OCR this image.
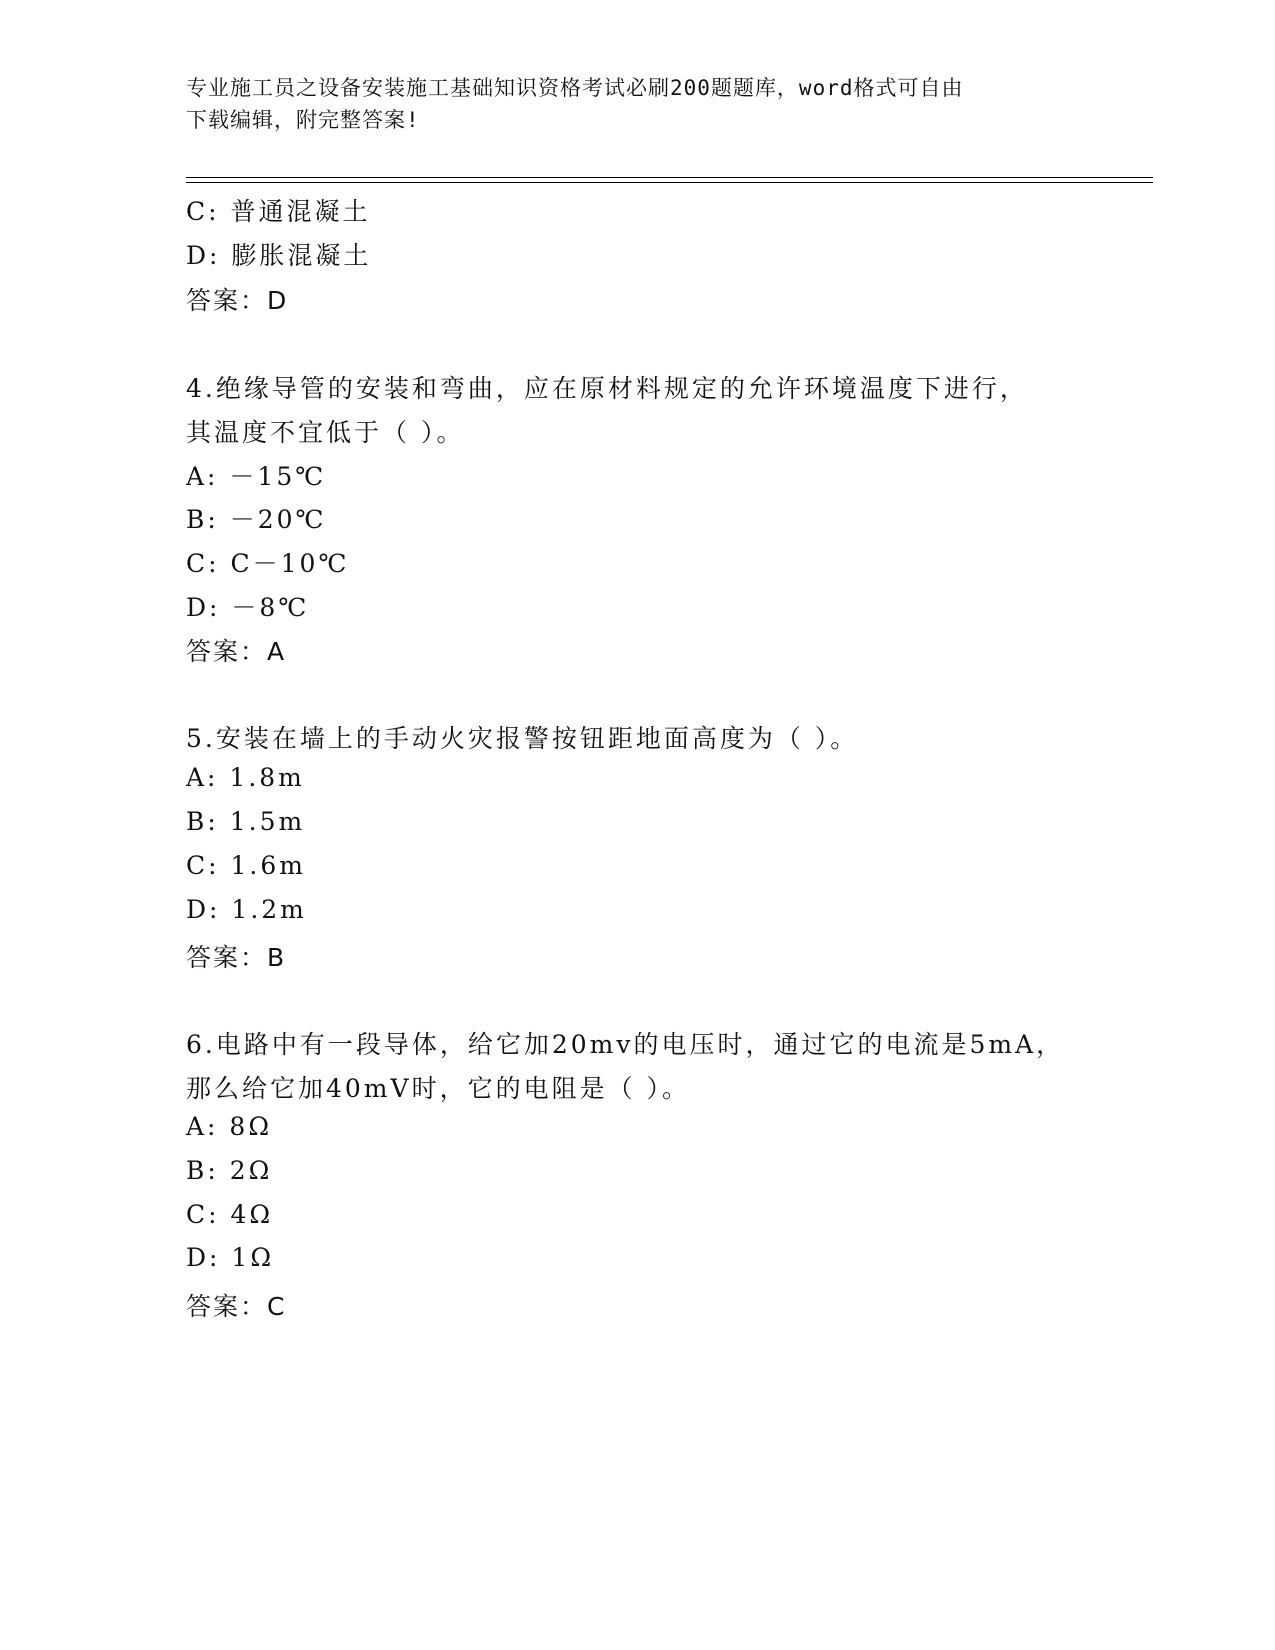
专业施工员之设备安装施工基础知识资格考试必刷200题题库，word格式可自由
下载编辑，附完整答案!
C: 普通混凝土
D: 膨胀混凝土
答案：D
4.绝缘导管的安装和弯曲，应在原材料规定的允许环境温度下进行，
其温度不宜低于（ ）。
A: －15℃
B: －20℃
C: C－10℃
D: －8℃
答案：A
5.安装在墙上的手动火灾报警按钮距地面高度为（ ）。
A: 1.8m
B: 1.5m
C: 1.6m
D: 1.2m
答案：B
6.电路中有一段导体，给它加20mv的电压时，通过它的电流是5mA，
那么给它加40mV时，它的电阻是（ ）。
A: 8Ω
B: 2Ω
C: 4Ω
D: 1Ω
答案：C
